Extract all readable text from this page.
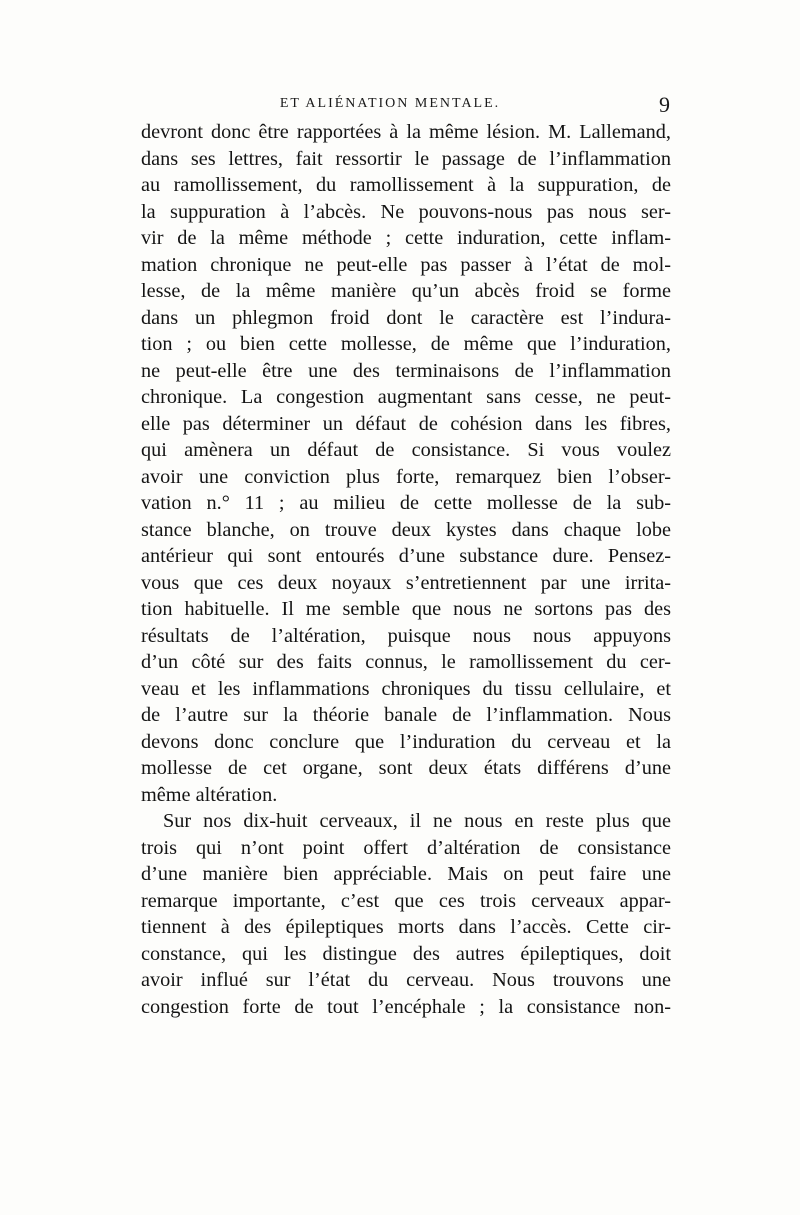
ET ALIÉNATION MENTALE.	9
devront donc être rapportées à la même lésion. M. Lallemand,
dans ses lettres, fait ressortir le passage de l’inflammation
au ramollissement, du ramollissement à la suppuration, de
la suppuration à l’abcès. Ne pouvons-nous pas nous ser-
vir de la même méthode ; cette induration, cette inflam-
mation chronique ne peut-elle pas passer à l’état de mol-
lesse, de la même manière qu’un abcès froid se forme
dans un phlegmon froid dont le caractère est l’indura-
tion ; ou bien cette mollesse, de même que l’induration,
ne peut-elle être une des terminaisons de l’inflammation
chronique. La congestion augmentant sans cesse, ne peut-
elle pas déterminer un défaut de cohésion dans les fibres,
qui amènera un défaut de consistance. Si vous voulez
avoir une conviction plus forte, remarquez bien l’obser-
vation n.° 11 ; au milieu de cette mollesse de la sub-
stance blanche, on trouve deux kystes dans chaque lobe
antérieur qui sont entourés d’une substance dure. Pensez-
vous que ces deux noyaux s’entretiennent par une irrita-
tion habituelle. Il me semble que nous ne sortons pas des
résultats de l’altération, puisque nous nous appuyons
d’un côté sur des faits connus, le ramollissement du cer-
veau et les inflammations chroniques du tissu cellulaire, et
de l’autre sur la théorie banale de l’inflammation. Nous
devons donc conclure que l’induration du cerveau et la
mollesse de cet organe, sont deux états différens d’une
même altération.
Sur nos dix-huit cerveaux, il ne nous en reste plus que
trois qui n’ont point offert d’altération de consistance
d’une manière bien appréciable. Mais on peut faire une
remarque importante, c’est que ces trois cerveaux appar-
tiennent à des épileptiques morts dans l’accès. Cette cir-
constance, qui les distingue des autres épileptiques, doit
avoir influé sur l’état du cerveau. Nous trouvons une
congestion forte de tout l’encéphale ; la consistance non-
